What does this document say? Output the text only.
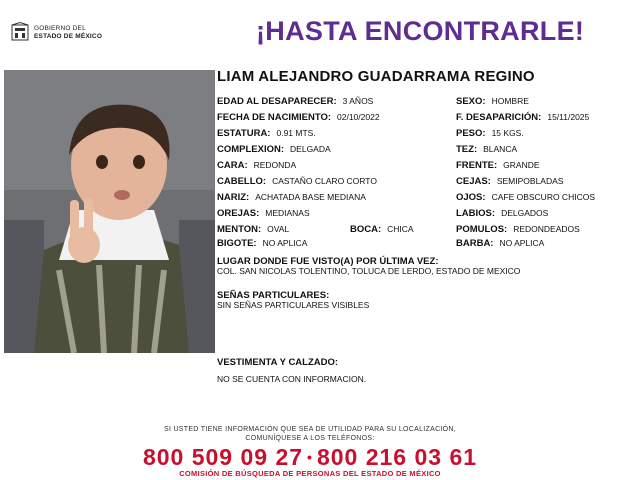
GOBIERNO DEL
ESTADO DE MÉXICO	¡HASTA ENCONTRARLE!
LIAM ALEJANDRO GUADARRAMA REGINO
EDAD AL DESAPARECER: 3 AÑOS
FECHA DE NACIMIENTO: 02/10/2022
ESTATURA: 0.91 MTS.
COMPLEXION: DELGADA
CARA: REDONDA
CABELLO: CASTAÑO CLARO CORTO
NARIZ: ACHATADA BASE MEDIANA
OREJAS: MEDIANAS
MENTON: OVAL	BOCA: CHICA
BIGOTE: NO APLICA
SEXO: HOMBRE
F. DESAPARICIÓN: 15/11/2025
PESO: 15 KGS.
TEZ: BLANCA
FRENTE: GRANDE
CEJAS: SEMIPOBLADAS
OJOS: CAFE OBSCURO CHICOS
LABIOS: DELGADOS
POMULOS: REDONDEADOS
BARBA: NO APLICA
LUGAR DONDE FUE VISTO(A) POR ÚLTIMA VEZ:
COL. SAN NICOLAS TOLENTINO, TOLUCA DE LERDO, ESTADO DE MEXICO
SEÑAS PARTICULARES:
SIN SEÑAS PARTICULARES VISIBLES
VESTIMENTA Y CALZADO:
NO SE CUENTA CON INFORMACION.
SI USTED TIENE INFORMACIÓN QUE SEA DE UTILIDAD PARA SU LOCALIZACIÓN,
COMUNÍQUESE A LOS TELÉFONOS:
800 509 09 27 • 800 216 03 61
COMISIÓN DE BÚSQUEDA DE PERSONAS DEL ESTADO DE MÉXICO
